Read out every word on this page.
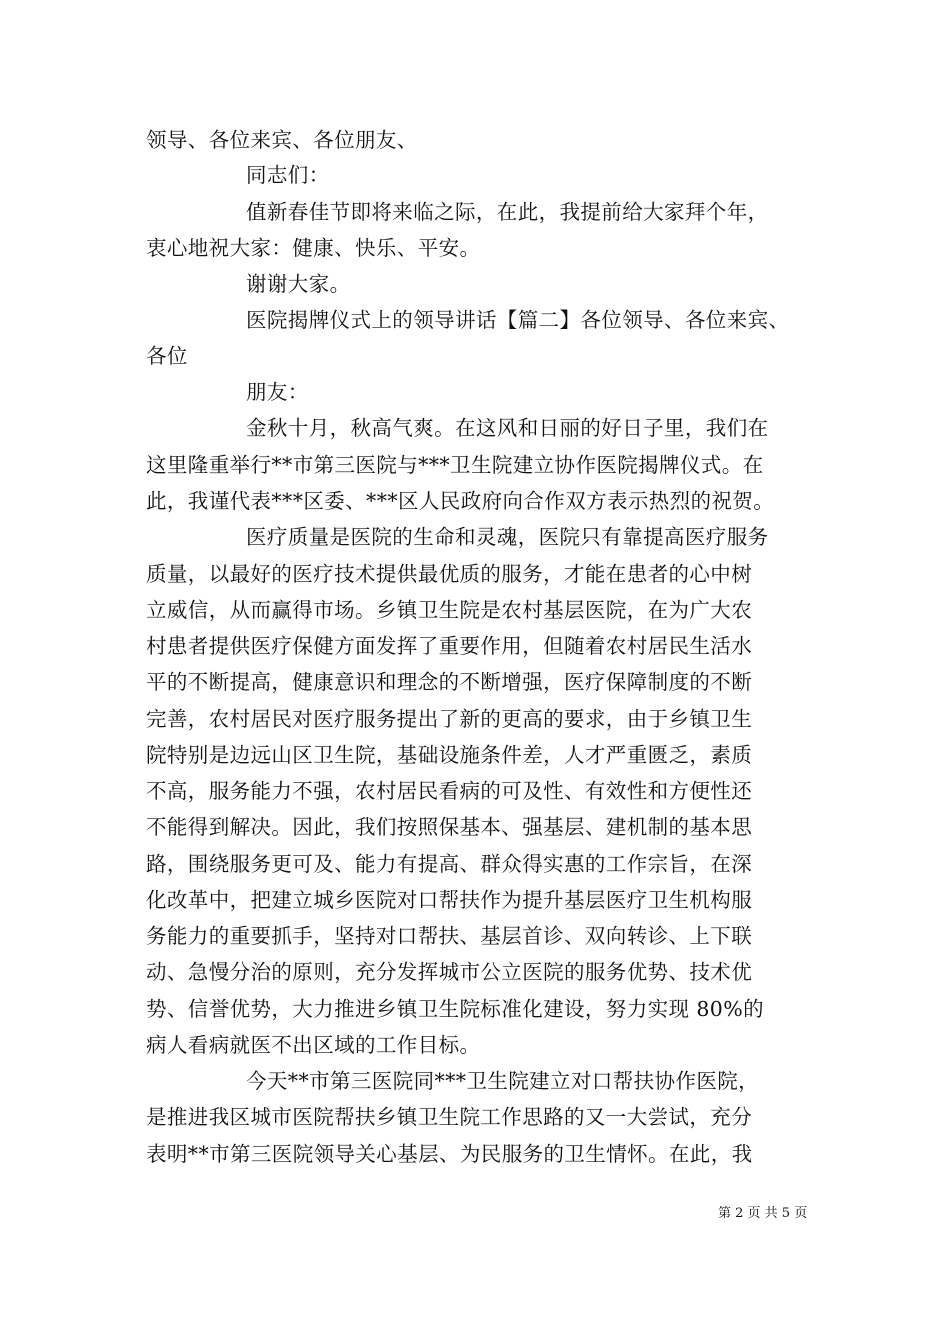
领导、各位来宾、各位朋友、
同志们：
值新春佳节即将来临之际，在此，我提前给大家拜个年，
衷心地祝大家：健康、快乐、平安。
谢谢大家。
医院揭牌仪式上的领导讲话【篇二】各位领导、各位来宾、
各位
朋友：
金秋十月，秋高气爽。在这风和日丽的好日子里，我们在
这里隆重举行**市第三医院与***卫生院建立协作医院揭牌仪式。在
此，我谨代表***区委、***区人民政府向合作双方表示热烈的祝贺。
医疗质量是医院的生命和灵魂，医院只有靠提高医疗服务
质量，以最好的医疗技术提供最优质的服务，才能在患者的心中树
立威信，从而赢得市场。乡镇卫生院是农村基层医院，在为广大农
村患者提供医疗保健方面发挥了重要作用，但随着农村居民生活水
平的不断提高，健康意识和理念的不断增强，医疗保障制度的不断
完善，农村居民对医疗服务提出了新的更高的要求，由于乡镇卫生
院特别是边远山区卫生院，基础设施条件差，人才严重匮乏，素质
不高，服务能力不强，农村居民看病的可及性、有效性和方便性还
不能得到解决。因此，我们按照保基本、强基层、建机制的基本思
路，围绕服务更可及、能力有提高、群众得实惠的工作宗旨，在深
化改革中，把建立城乡医院对口帮扶作为提升基层医疗卫生机构服
务能力的重要抓手，坚持对口帮扶、基层首诊、双向转诊、上下联
动、急慢分治的原则，充分发挥城市公立医院的服务优势、技术优
势、信誉优势，大力推进乡镇卫生院标准化建设，努力实现 80%的
病人看病就医不出区域的工作目标。
今天**市第三医院同***卫生院建立对口帮扶协作医院，
是推进我区城市医院帮扶乡镇卫生院工作思路的又一大尝试，充分
表明**市第三医院领导关心基层、为民服务的卫生情怀。在此，我
第 2 页 共 5 页
